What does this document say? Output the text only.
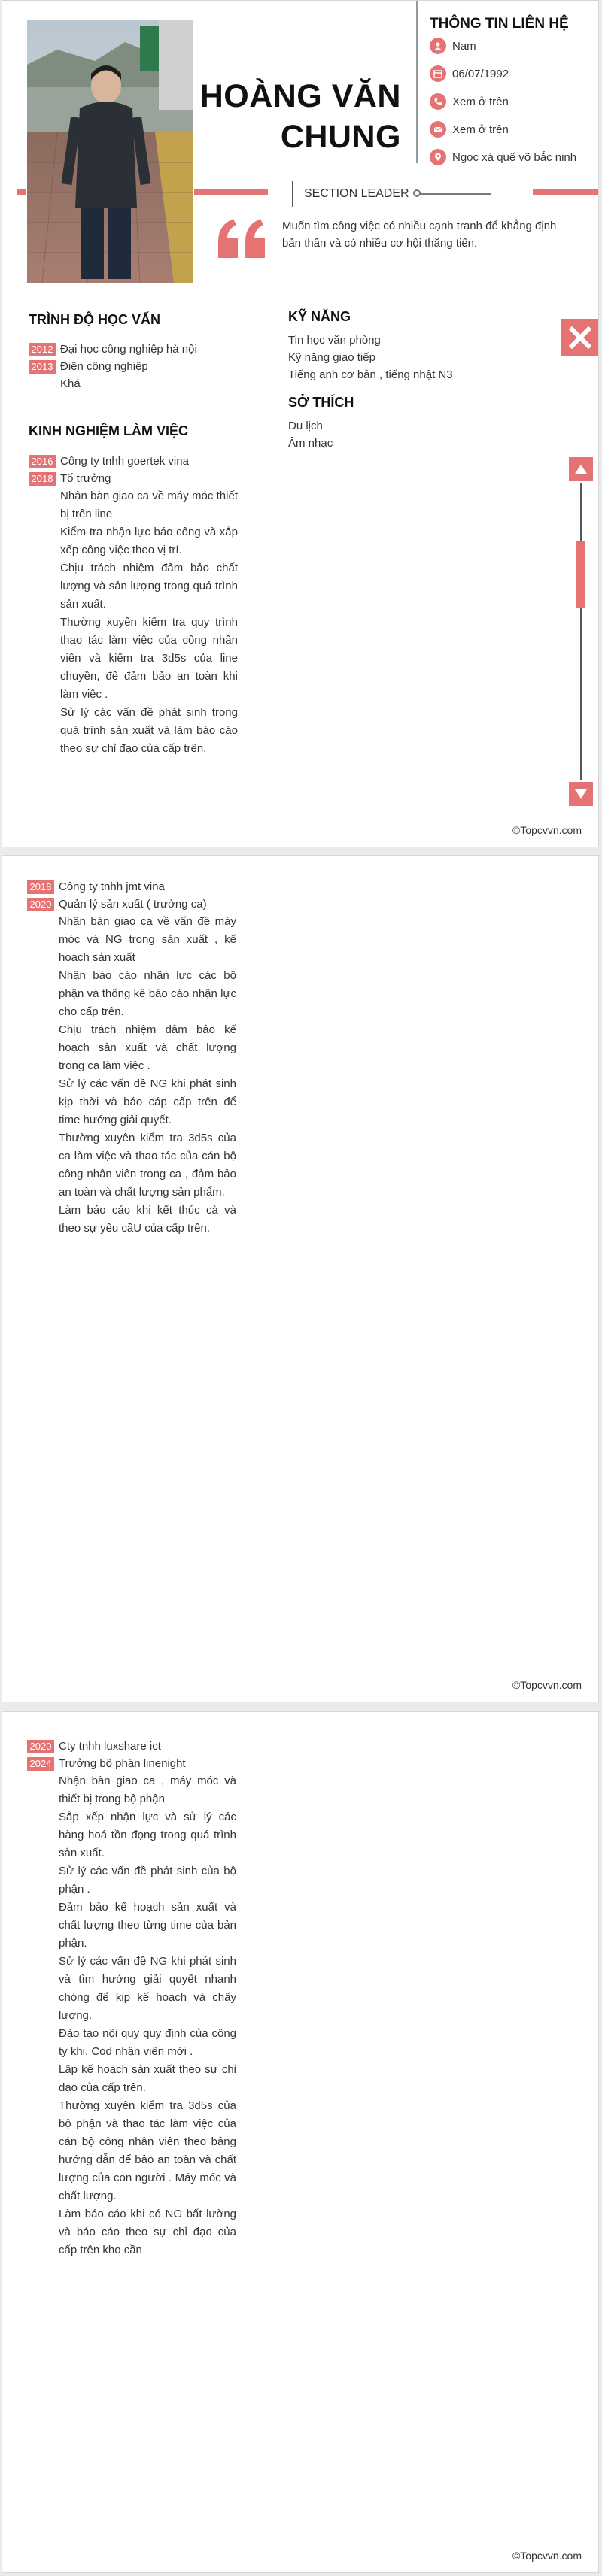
HOÀNG VĂN
CHUNG
THÔNG TIN LIÊN HỆ
Nam
06/07/1992
Xem ở trên
Xem ở trên
Ngọc xá quế võ bắc ninh
SECTION LEADER
Muốn tìm công việc có nhiều cạnh tranh để khẳng định bản thân và có nhiều cơ hội thăng tiến.
TRÌNH ĐỘ HỌC VẤN
2012 Đại học công nghiệp hà nội
2013 Điện công nghiệp
Khá
KỸ NĂNG
Tin học văn phòng
Kỹ năng giao tiếp
Tiếng anh cơ bản , tiếng nhật N3
SỞ THÍCH
Du lịch
Âm nhạc
KINH NGHIỆM LÀM VIỆC
2016 Công ty tnhh goertek vina
2018 Tổ trưởng
Nhận bàn giao ca về máy móc thiết bị trên line
Kiểm tra nhận lực báo công và xắp xếp công việc theo vị trí.
Chịu trách nhiệm đảm bảo chất lượng và sản lượng trong quá trình sản xuất.
Thường xuyên kiểm tra quy trình thao tác làm việc của công nhân viên và kiểm tra 3d5s của line chuyền, để đảm bảo an toàn khi làm việc .
Sử lý các vấn đề phát sinh trong quá trình sản xuất và làm báo cáo theo sự chỉ đạo của cấp trên.
©Topcvvn.com
2018 Công ty tnhh jmt vina
2020 Quản lý sản xuất ( trưởng ca)
Nhận bàn giao ca về vấn đề máy móc và NG trong sản xuất , kế hoạch sản xuất
Nhận báo cáo nhận lực các bộ phận và thống kê báo cáo nhận lực cho cấp trên.
Chịu trách nhiệm đảm bảo kế hoạch sản xuất và chất lượng trong ca làm việc .
Sử lý các vấn đề NG khi phát sinh kịp thời và báo cáp cấp trên để time hướng giải quyết.
Thường xuyên kiểm tra 3d5s của ca làm việc và thao tác của cán bộ công nhân viên trong ca , đảm bảo an toàn và chất lượng sản phẩm.
Làm báo cáo khi kết thúc cà và theo sự yêu cầU của cấp trên.
©Topcvvn.com
2020 Cty tnhh luxshare ict
2024 Trưởng bộ phận linenight
Nhận bàn giao ca , máy móc và thiết bị trong bộ phận
Sắp xếp nhận lực và sử lý các hàng hoá tồn đọng trong quá trình sản xuất.
Sử lý các vấn đề phát sinh của bộ phận .
Đảm bảo kế hoạch sản xuất và chất lượng theo từng time của bản phận.
Sử lý các vấn đề NG khi phát sinh và tìm hướng giải quyết nhanh chóng để kịp kế hoạch và chấy lượng.
Đào tạo nội quy quy định của công ty khi. Cod nhận viên mới .
Lập kế hoạch sản xuất theo sự chỉ đạo của cấp trên.
Thường xuyên kiểm tra 3d5s của bộ phận và thao tác làm việc của cán bộ công nhân viên theo bảng hướng dẫn để bảo an toàn và chất lượng của con người . Máy móc và chất lượng.
Làm báo cáo khi có NG bất lường và báo cáo theo sự chỉ đạo của cấp trên kho cần
©Topcvvn.com
